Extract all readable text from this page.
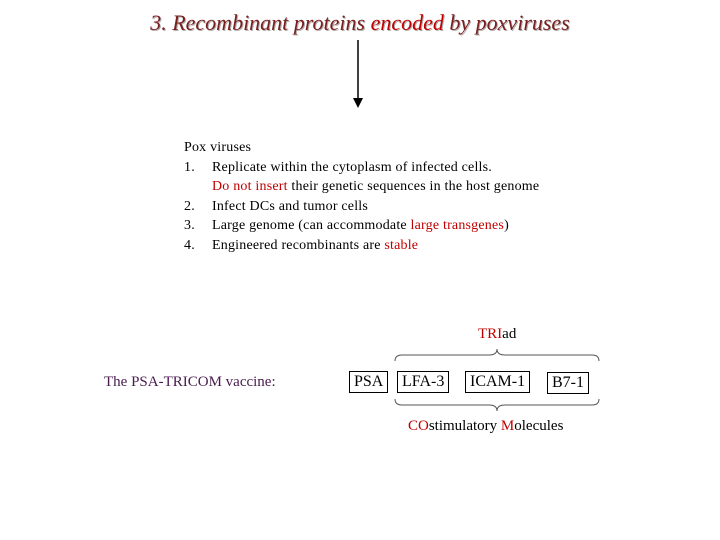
3. Recombinant proteins encoded by poxviruses
Pox viruses
1. Replicate within the cytoplasm of infected cells.
Do not insert their genetic sequences in the host genome
2. Infect DCs and tumor cells
3. Large genome (can accommodate large transgenes)
4. Engineered recombinants are stable
TRIad
The PSA-TRICOM vaccine:	PSA	LFA-3	ICAM-1	B7-1
COstimulatory Molecules
